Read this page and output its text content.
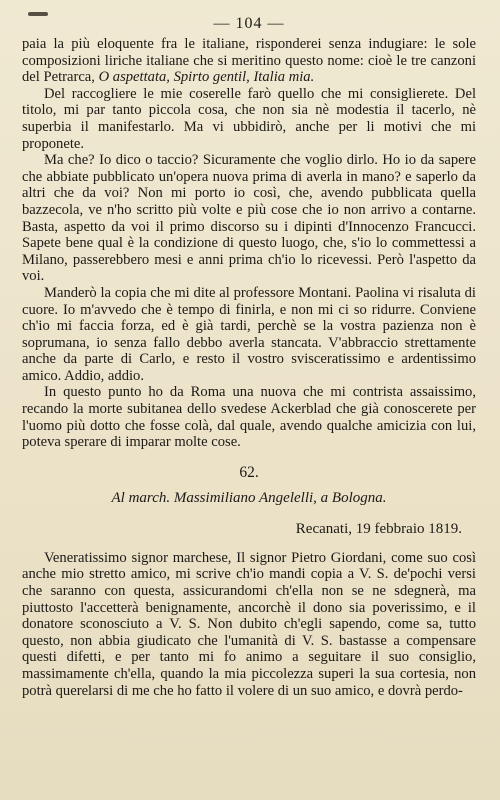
— 104 —

paia la più eloquente fra le italiane, risponderei senza indugiare: le sole composizioni liriche italiane che si meritino questo nome: cioè le tre canzoni del Petrarca, O aspettata, Spirto gentil, Italia mia.

Del raccogliere le mie coserelle farò quello che mi consiglierete. Del titolo, mi par tanto piccola cosa, che non sia nè modestia il tacerlo, nè superbia il manifestarlo. Ma vi ubbidirò, anche per li motivi che mi proponete.

Ma che? Io dico o taccio? Sicuramente che voglio dirlo. Ho io da sapere che abbiate pubblicato un'opera nuova prima di averla in mano? e saperlo da altri che da voi? Non mi porto io così, che, avendo pubblicata quella bazzecola, ve n'ho scritto più volte e più cose che io non arrivo a contarne. Basta, aspetto da voi il primo discorso su i dipinti d'Innocenzo Francucci. Sapete bene qual è la condizione di questo luogo, che, s'io lo commettessi a Milano, passerebbero mesi e anni prima ch'io lo ricevessi. Però l'aspetto da voi.

Manderò la copia che mi dite al professore Montani. Paolina vi risaluta di cuore. Io m'avvedo che è tempo di finirla, e non mi ci so ridurre. Conviene ch'io mi faccia forza, ed è già tardi, perchè se la vostra pazienza non è soprumana, io senza fallo debbo averla stancata. V'abbraccio strettamente anche da parte di Carlo, e resto il vostro svisceratissimo e ardentissimo amico. Addio, addio.

In questo punto ho da Roma una nuova che mi contrista assaissimo, recando la morte subitanea dello svedese Ackerblad che già conoscerete per l'uomo più dotto che fosse colà, dal quale, avendo qualche amicizia con lui, poteva sperare di imparar molte cose.

62.
Al march. Massimiliano Angelelli, a Bologna.
Recanati, 19 febbraio 1819.

Veneratissimo signor marchese, Il signor Pietro Giordani, come suo così anche mio stretto amico, mi scrive ch'io mandi copia a V. S. de'pochi versi che saranno con questa, assicurandomi ch'ella non se ne sdegnerà, ma piuttosto l'accetterà benignamente, ancorchè il dono sia poverissimo, e il donatore sconosciuto a V. S. Non dubito ch'egli sapendo, come sa, tutto questo, non abbia giudicato che l'umanità di V. S. bastasse a compensare questi difetti, e per tanto mi fo animo a seguitare il suo consiglio, massimamente ch'ella, quando la mia piccolezza superi la sua cortesia, non potrà querelarsi di me che ho fatto il volere di un suo amico, e dovrà perdo-
